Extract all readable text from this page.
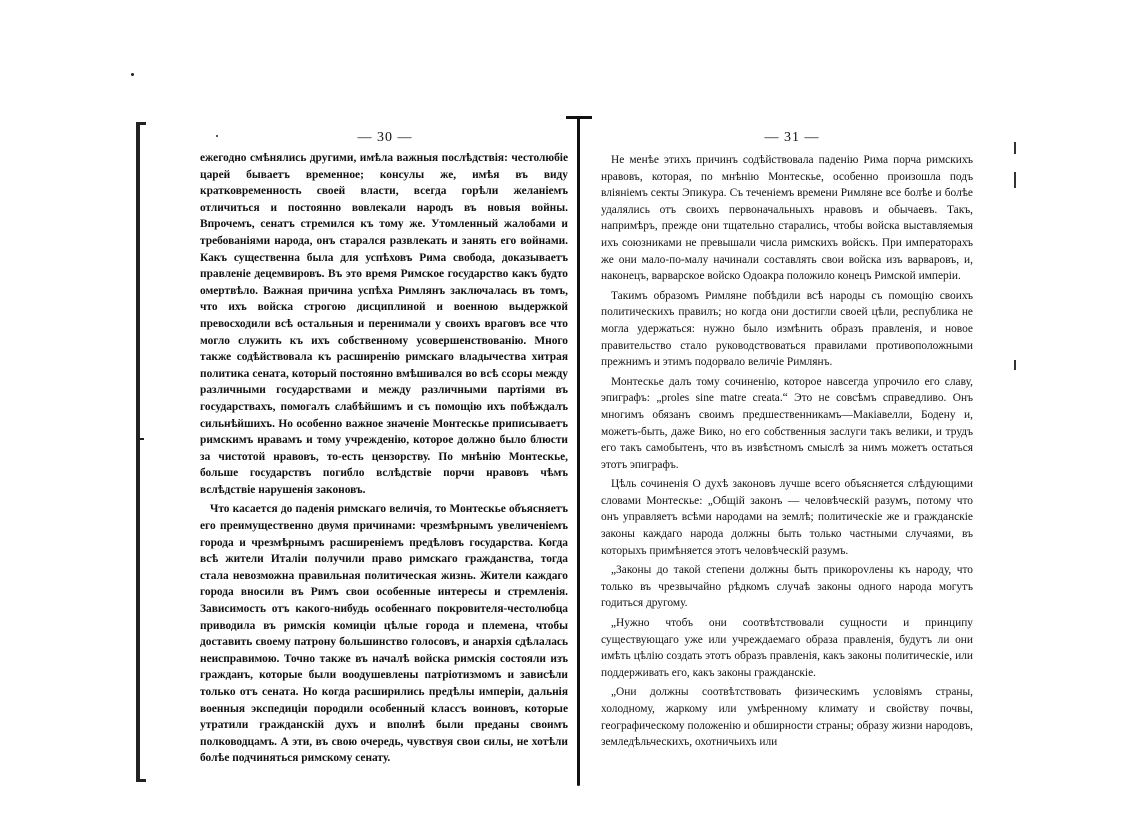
— 30 —	— 31 —

ежегодно смѣнялись другими, имѣла важныя послѣдствія: честолюбіе царей бываетъ временное; консулы же, имѣя въ виду кратковременность своей власти, всегда горѣли желаніемъ отличиться и постоянно вовлекали народъ въ новыя войны. Впрочемъ, сенатъ стремился къ тому же. Утомленный жалобами и требованіями народа, онъ старался развлекать и занять его войнами. Какъ существенна была для успѣховъ Рима свобода, доказываетъ правленіе децемвировъ. Въ это время Римское государство какъ будто омертвѣло. Важная причина успѣха Римлянъ заключалась въ томъ, что ихъ войска строгою дисциплиной и военною выдержкой превосходили всѣ остальныя и перенимали у своихъ враговъ все что могло служить къ ихъ собственному усовершенствованію. Много также содѣйствовала къ расширенію римскаго владычества хитрая политика сената, который постоянно вмѣшивался во всѣ ссоры между различными государствами и между различными партіями въ государствахъ, помогалъ слабѣйшимъ и съ помощію ихъ побѣждалъ сильнѣйшихъ. Но особенно важное значеніе Монтескье приписываетъ римскимъ нравамъ и тому учрежденію, которое должно было блюсти за чистотой нравовъ, то-есть цензорству. По мнѣнію Монтескье, больше государствъ погибло вслѣдствіе порчи нравовъ чѣмъ вслѣдствіе нарушенія законовъ.

Что касается до паденія римскаго величія, то Монтескье объясняетъ его преимущественно двумя причинами: чрезмѣрнымъ увеличеніемъ города и чрезмѣрнымъ расширеніемъ предѣловъ государства. Когда всѣ жители Италіи получили право римскаго гражданства, тогда стала невозможна правильная политическая жизнь. Жители каждаго города вносили въ Римъ свои особенные интересы и стремленія. Зависимость отъ какого-нибудь особеннаго покровителя-честолюбца приводила въ римскія комиціи цѣлые города и племена, чтобы доставить своему патрону большинство голосовъ, и анархія сдѣлалась неисправимою. Точно также въ началѣ войска римскія состояли изъ гражданъ, которые были воодушевлены патріотизмомъ и зависѣли только отъ сената. Но когда расширились предѣлы имперіи, дальнія военныя экспедиціи породили особенный классъ воиновъ, которые утратили гражданскій духъ и вполнѣ были преданы своимъ полководцамъ. А эти, въ свою очередь, чувствуя свои силы, не хотѣли болѣе подчиняться римскому сенату.

Не менѣе этихъ причинъ содѣйствовала паденію Рима порча римскихъ нравовъ, которая, по мнѣнію Монтескье, особенно произошла подъ вліяніемъ секты Эпикура. Съ теченіемъ времени Римляне все болѣе и болѣе удалялись отъ своихъ первоначальныхъ нравовъ и обычаевъ. Такъ, напримѣръ, прежде они тщательно старались, чтобы войска выставляемыя ихъ союзниками не превышали числа римскихъ войскъ. При императорахъ же они мало-по-малу начинали составлять свои войска изъ варваровъ, и, наконецъ, варварское войско Одоакра положило конецъ Римской имперіи.

Такимъ образомъ Римляне побѣдили всѣ народы съ помощію своихъ политическихъ правилъ; но когда они достигли своей цѣли, республика не могла удержаться: нужно было измѣнить образъ правленія, и новое правительство стало руководствоваться правилами противоположными прежнимъ и этимъ подорвало величіе Римлянъ.

Монтескье далъ тому сочиненію, которое навсегда упрочило его славу, эпиграфъ: „proles sine matre creata.“ Это не совсѣмъ справедливо. Онъ многимъ обязанъ своимъ предшественникамъ—Макіавелли, Бодену и, можетъ-быть, даже Вико, но его собственныя заслуги такъ велики, и трудъ его такъ самобытенъ, что въ извѣстномъ смыслѣ за нимъ можетъ остаться этотъ эпиграфъ.

Цѣль сочиненія О духѣ законовъ лучше всего объясняется слѣдующими словами Монтескье: „Общій законъ — человѣческій разумъ, потому что онъ управляетъ всѣми народами на землѣ; политическіе же и гражданскіе законы каждаго народа должны быть только частными случаями, въ которыхъ примѣняется этотъ человѣческій разумъ.

„Законы до такой степени должны быть прикорovлены къ народу, что только въ чрезвычайно рѣдкомъ случаѣ законы одного народа могутъ годиться другому.

„Нужно чтобъ они соотвѣтствовали сущности и принципу существующаго уже или учреждаемаго образа правленія, будутъ ли они имѣть цѣлію создать этотъ образъ правленія, какъ законы политическіе, или поддерживать его, какъ законы гражданскіе.

„Они должны соотвѣтствовать физическимъ условіямъ страны, холодному, жаркому или умѣренному климату и свойству почвы, географическому положенію и обширности страны; образу жизни народовъ, земледѣльческихъ, охотничьихъ или
